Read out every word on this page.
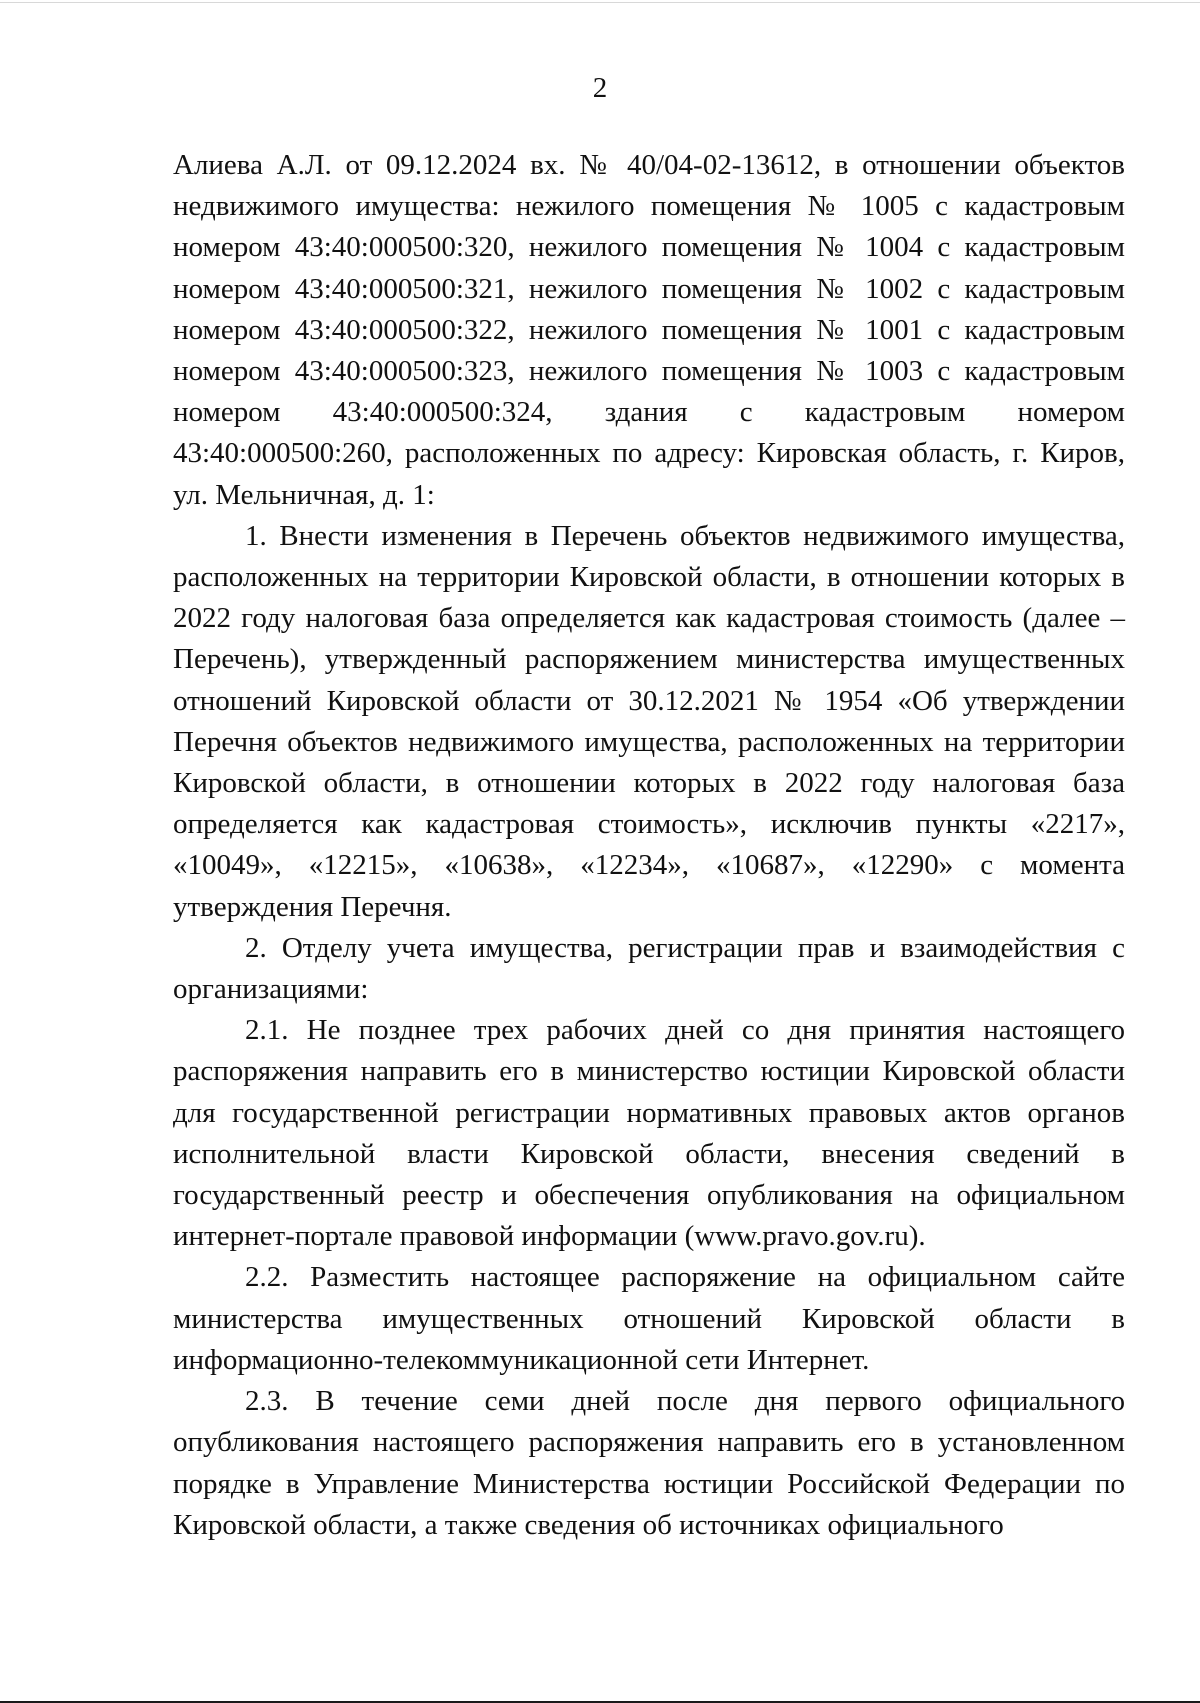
2

Алиева А.Л. от 09.12.2024 вх. № 40/04-02-13612, в отношении объектов недвижимого имущества: нежилого помещения № 1005 с кадастровым номером 43:40:000500:320, нежилого помещения № 1004 с кадастровым номером 43:40:000500:321, нежилого помещения № 1002 с кадастровым номером 43:40:000500:322, нежилого помещения № 1001 с кадастровым номером 43:40:000500:323, нежилого помещения № 1003 с кадастровым номером 43:40:000500:324, здания с кадастровым номером 43:40:000500:260, расположенных по адресу: Кировская область, г. Киров, ул. Мельничная, д. 1:

1. Внести изменения в Перечень объектов недвижимого имущества, расположенных на территории Кировской области, в отношении которых в 2022 году налоговая база определяется как кадастровая стоимость (далее – Перечень), утвержденный распоряжением министерства имущественных отношений Кировской области от 30.12.2021 № 1954 «Об утверждении Перечня объектов недвижимого имущества, расположенных на территории Кировской области, в отношении которых в 2022 году налоговая база определяется как кадастровая стоимость», исключив пункты «2217», «10049», «12215», «10638», «12234», «10687», «12290» с момента утверждения Перечня.

2. Отделу учета имущества, регистрации прав и взаимодействия с организациями:

2.1. Не позднее трех рабочих дней со дня принятия настоящего распоряжения направить его в министерство юстиции Кировской области для государственной регистрации нормативных правовых актов органов исполнительной власти Кировской области, внесения сведений в государственный реестр и обеспечения опубликования на официальном интернет-портале правовой информации (www.pravo.gov.ru).

2.2. Разместить настоящее распоряжение на официальном сайте министерства имущественных отношений Кировской области в информационно-телекоммуникационной сети Интернет.

2.3. В течение семи дней после дня первого официального опубликования настоящего распоряжения направить его в установленном порядке в Управление Министерства юстиции Российской Федерации по Кировской области, а также сведения об источниках официального
